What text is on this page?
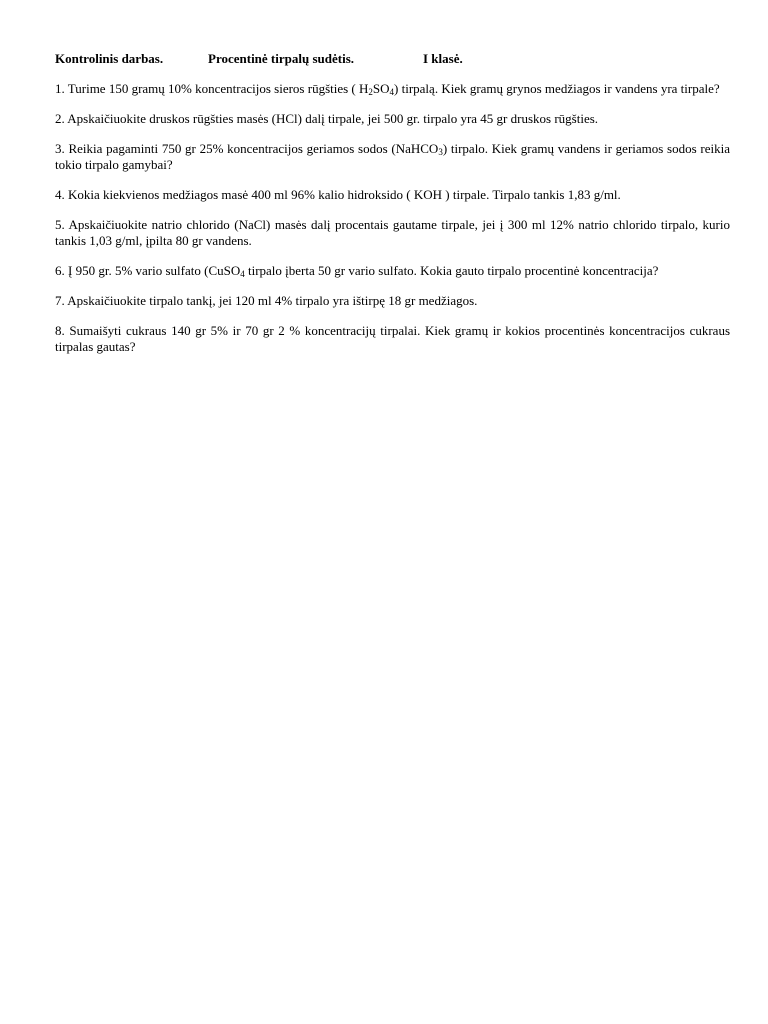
Kontrolinis darbas.	Procentinė tirpalų sudėtis.	I klasė.

1. Turime 150 gramų 10% koncentracijos sieros rūgšties ( $H_2SO_4$) tirpalą. Kiek gramų grynos medžiagos ir vandens yra tirpale?

2. Apskaičiuokite druskos rūgšties masės (HCl) dalį tirpale, jei 500 gr. tirpalo yra 45 gr druskos rūgšties.

3. Reikia pagaminti 750 gr 25% koncentracijos geriamos sodos (NaHCO$_3$) tirpalo. Kiek gramų vandens ir geriamos sodos reikia tokio tirpalo gamybai?

4. Kokia kiekvienos medžiagos masė 400 ml 96% kalio hidroksido ( KOH ) tirpale. Tirpalo tankis 1,83 g/ml.

5. Apskaičiuokite natrio chlorido (NaCl) masės dalį procentais gautame tirpale, jei į 300 ml 12% natrio chlorido tirpalo, kurio tankis 1,03 g/ml, įpilta 80 gr vandens.

6. Į 950 gr. 5% vario sulfato (CuSO$_4$ tirpalo įberta 50 gr vario sulfato. Kokia gauto tirpalo procentinė koncentracija?

7. Apskaičiuokite tirpalo tankį, jei 120 ml 4% tirpalo yra ištirpę 18 gr medžiagos.

8. Sumaišyti cukraus 140 gr 5% ir 70 gr 2 % koncentracijų tirpalai. Kiek gramų ir kokios procentinės koncentracijos cukraus tirpalas gautas?
